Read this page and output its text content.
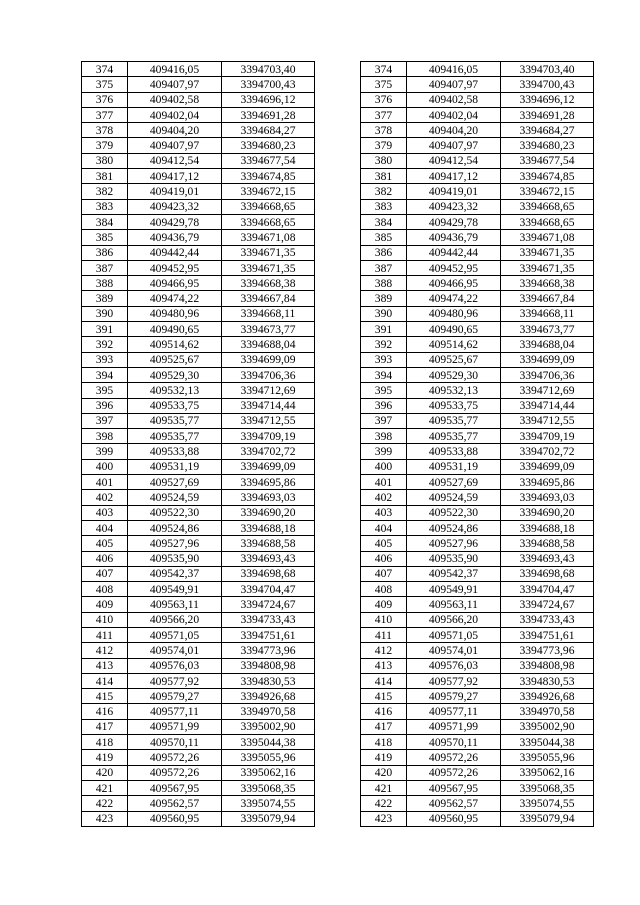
374	409416,05	3394703,40		374	409416,05	3394703,40
375	409407,97	3394700,43		375	409407,97	3394700,43
376	409402,58	3394696,12		376	409402,58	3394696,12
377	409402,04	3394691,28		377	409402,04	3394691,28
378	409404,20	3394684,27		378	409404,20	3394684,27
379	409407,97	3394680,23		379	409407,97	3394680,23
380	409412,54	3394677,54		380	409412,54	3394677,54
381	409417,12	3394674,85		381	409417,12	3394674,85
382	409419,01	3394672,15		382	409419,01	3394672,15
383	409423,32	3394668,65		383	409423,32	3394668,65
384	409429,78	3394668,65		384	409429,78	3394668,65
385	409436,79	3394671,08		385	409436,79	3394671,08
386	409442,44	3394671,35		386	409442,44	3394671,35
387	409452,95	3394671,35		387	409452,95	3394671,35
388	409466,95	3394668,38		388	409466,95	3394668,38
389	409474,22	3394667,84		389	409474,22	3394667,84
390	409480,96	3394668,11		390	409480,96	3394668,11
391	409490,65	3394673,77		391	409490,65	3394673,77
392	409514,62	3394688,04		392	409514,62	3394688,04
393	409525,67	3394699,09		393	409525,67	3394699,09
394	409529,30	3394706,36		394	409529,30	3394706,36
395	409532,13	3394712,69		395	409532,13	3394712,69
396	409533,75	3394714,44		396	409533,75	3394714,44
397	409535,77	3394712,55		397	409535,77	3394712,55
398	409535,77	3394709,19		398	409535,77	3394709,19
399	409533,88	3394702,72		399	409533,88	3394702,72
400	409531,19	3394699,09		400	409531,19	3394699,09
401	409527,69	3394695,86		401	409527,69	3394695,86
402	409524,59	3394693,03		402	409524,59	3394693,03
403	409522,30	3394690,20		403	409522,30	3394690,20
404	409524,86	3394688,18		404	409524,86	3394688,18
405	409527,96	3394688,58		405	409527,96	3394688,58
406	409535,90	3394693,43		406	409535,90	3394693,43
407	409542,37	3394698,68		407	409542,37	3394698,68
408	409549,91	3394704,47		408	409549,91	3394704,47
409	409563,11	3394724,67		409	409563,11	3394724,67
410	409566,20	3394733,43		410	409566,20	3394733,43
411	409571,05	3394751,61		411	409571,05	3394751,61
412	409574,01	3394773,96		412	409574,01	3394773,96
413	409576,03	3394808,98		413	409576,03	3394808,98
414	409577,92	3394830,53		414	409577,92	3394830,53
415	409579,27	3394926,68		415	409579,27	3394926,68
416	409577,11	3394970,58		416	409577,11	3394970,58
417	409571,99	3395002,90		417	409571,99	3395002,90
418	409570,11	3395044,38		418	409570,11	3395044,38
419	409572,26	3395055,96		419	409572,26	3395055,96
420	409572,26	3395062,16		420	409572,26	3395062,16
421	409567,95	3395068,35		421	409567,95	3395068,35
422	409562,57	3395074,55		422	409562,57	3395074,55
423	409560,95	3395079,94		423	409560,95	3395079,94
